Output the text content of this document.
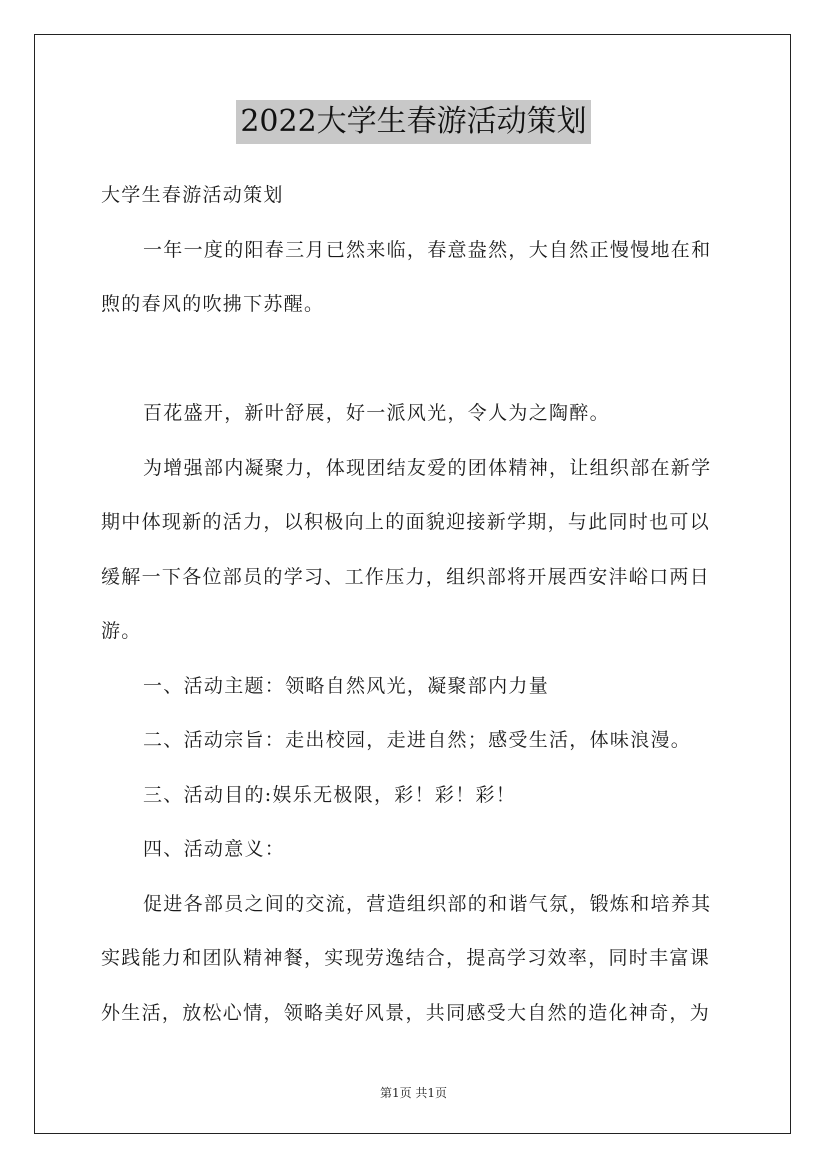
2022大学生春游活动策划
大学生春游活动策划
一年一度的阳春三月已然来临，春意盎然，大自然正慢慢地在和
煦的春风的吹拂下苏醒。
百花盛开，新叶舒展，好一派风光，令人为之陶醉。
为增强部内凝聚力，体现团结友爱的团体精神，让组织部在新学
期中体现新的活力，以积极向上的面貌迎接新学期，与此同时也可以
缓解一下各位部员的学习、工作压力，组织部将开展西安沣峪口两日
游。
一、活动主题：领略自然风光，凝聚部内力量
二、活动宗旨：走出校园，走进自然；感受生活，体味浪漫。
三、活动目的:娱乐无极限，彩！彩！彩！
四、活动意义：
促进各部员之间的交流，营造组织部的和谐气氛，锻炼和培养其
实践能力和团队精神餐，实现劳逸结合，提高学习效率，同时丰富课
外生活，放松心情，领略美好风景，共同感受大自然的造化神奇，为
第1页 共1页
